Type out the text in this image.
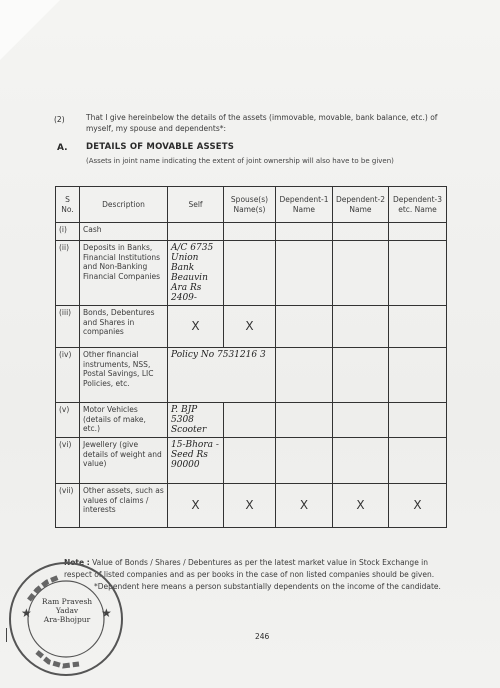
(2)	That I give hereinbelow the details of the assets (immovable, movable, bank balance, etc.) of myself, my spouse and dependents*:
A. DETAILS OF MOVABLE ASSETS
(Assets in joint name indicating the extent of joint ownership will also have to be given)
S No.	Description	Self	Spouse(s) Name(s)	Dependent-1 Name	Dependent-2 Name	Dependent-3 etc. Name
(i)	Cash					
(ii)	Deposits in Banks, Financial Institutions and Non-Banking Financial Companies	A/C 6735 Union Bank Beauvin Ara Rs 2409-				
(iii)	Bonds, Debentures and Shares in companies	X	X			
(iv)	Other financial instruments, NSS, Postal Savings, LIC Policies, etc.	Policy No 7531216 3				
(v)	Motor Vehicles (details of make, etc.)	P. BJP 5308 Scooter				
(vi)	Jewellery (give details of weight and value)	15-Bhora -Seed Rs 90000				
(vii)	Other assets, such as values of claims / interests	X	X	X	X	X
Note : Value of Bonds / Shares / Debentures as per the latest market value in Stock Exchange in respect of listed companies and as per books in the case of non listed companies should be given.
*Dependent here means a person substantially dependents on the income of the candidate.
246
★	★
Ram Pravesh
Yadav
Ara-Bhojpur
